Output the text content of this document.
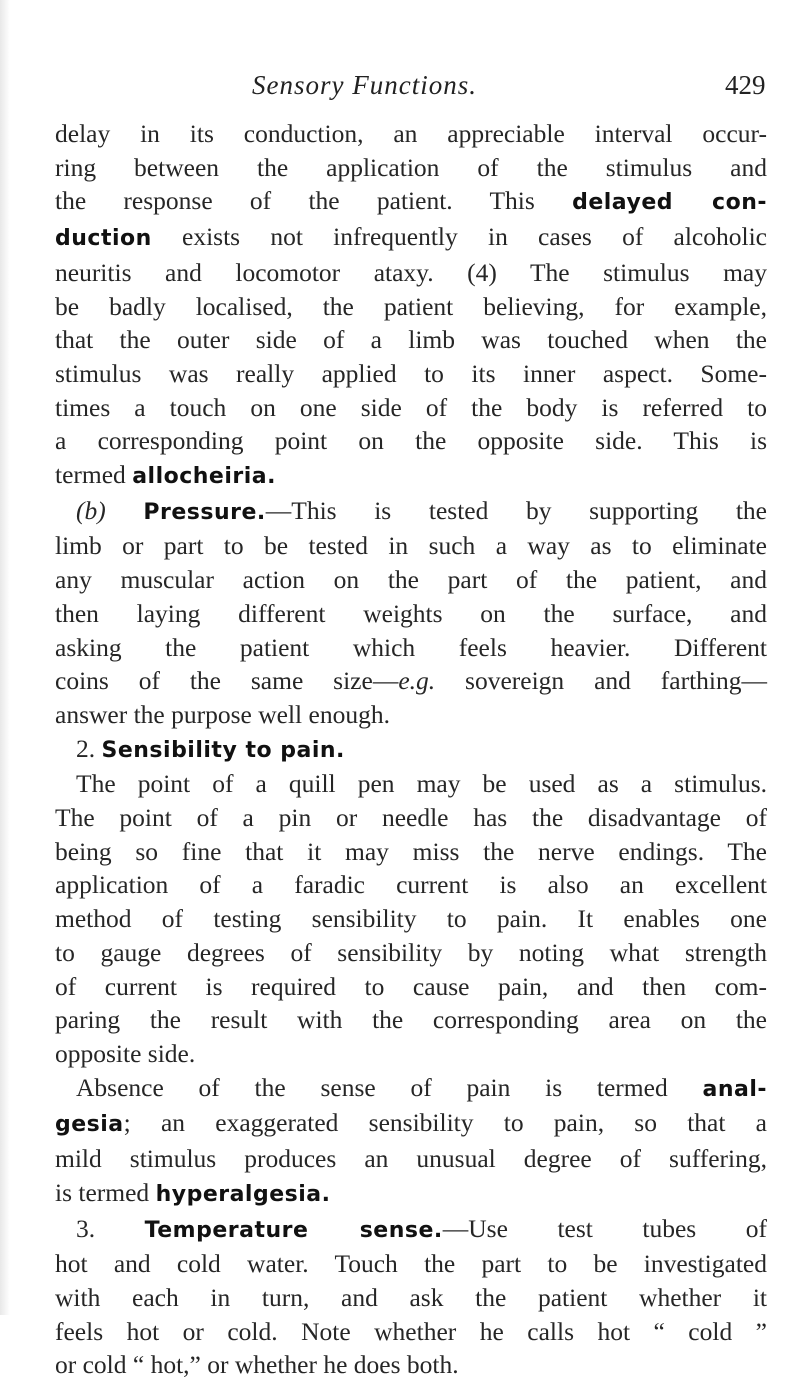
Sensory Functions.	429
delay in its conduction, an appreciable interval occur-
ring between the application of the stimulus and
the response of the patient. This delayed con-
duction exists not infrequently in cases of alcoholic
neuritis and locomotor ataxy. (4) The stimulus may
be badly localised, the patient believing, for example,
that the outer side of a limb was touched when the
stimulus was really applied to its inner aspect. Some-
times a touch on one side of the body is referred to
a corresponding point on the opposite side. This is
termed allocheiria.
(b) Pressure.—This is tested by supporting the
limb or part to be tested in such a way as to eliminate
any muscular action on the part of the patient, and
then laying different weights on the surface, and
asking the patient which feels heavier. Different
coins of the same size—e.g. sovereign and farthing—
answer the purpose well enough.
2. Sensibility to pain.
The point of a quill pen may be used as a stimulus.
The point of a pin or needle has the disadvantage of
being so fine that it may miss the nerve endings. The
application of a faradic current is also an excellent
method of testing sensibility to pain. It enables one
to gauge degrees of sensibility by noting what strength
of current is required to cause pain, and then com-
paring the result with the corresponding area on the
opposite side.
Absence of the sense of pain is termed anal-
gesia; an exaggerated sensibility to pain, so that a
mild stimulus produces an unusual degree of suffering,
is termed hyperalgesia.
3. Temperature sense.—Use test tubes of
hot and cold water. Touch the part to be investigated
with each in turn, and ask the patient whether it
feels hot or cold. Note whether he calls hot “ cold ”
or cold “ hot,” or whether he does both.
